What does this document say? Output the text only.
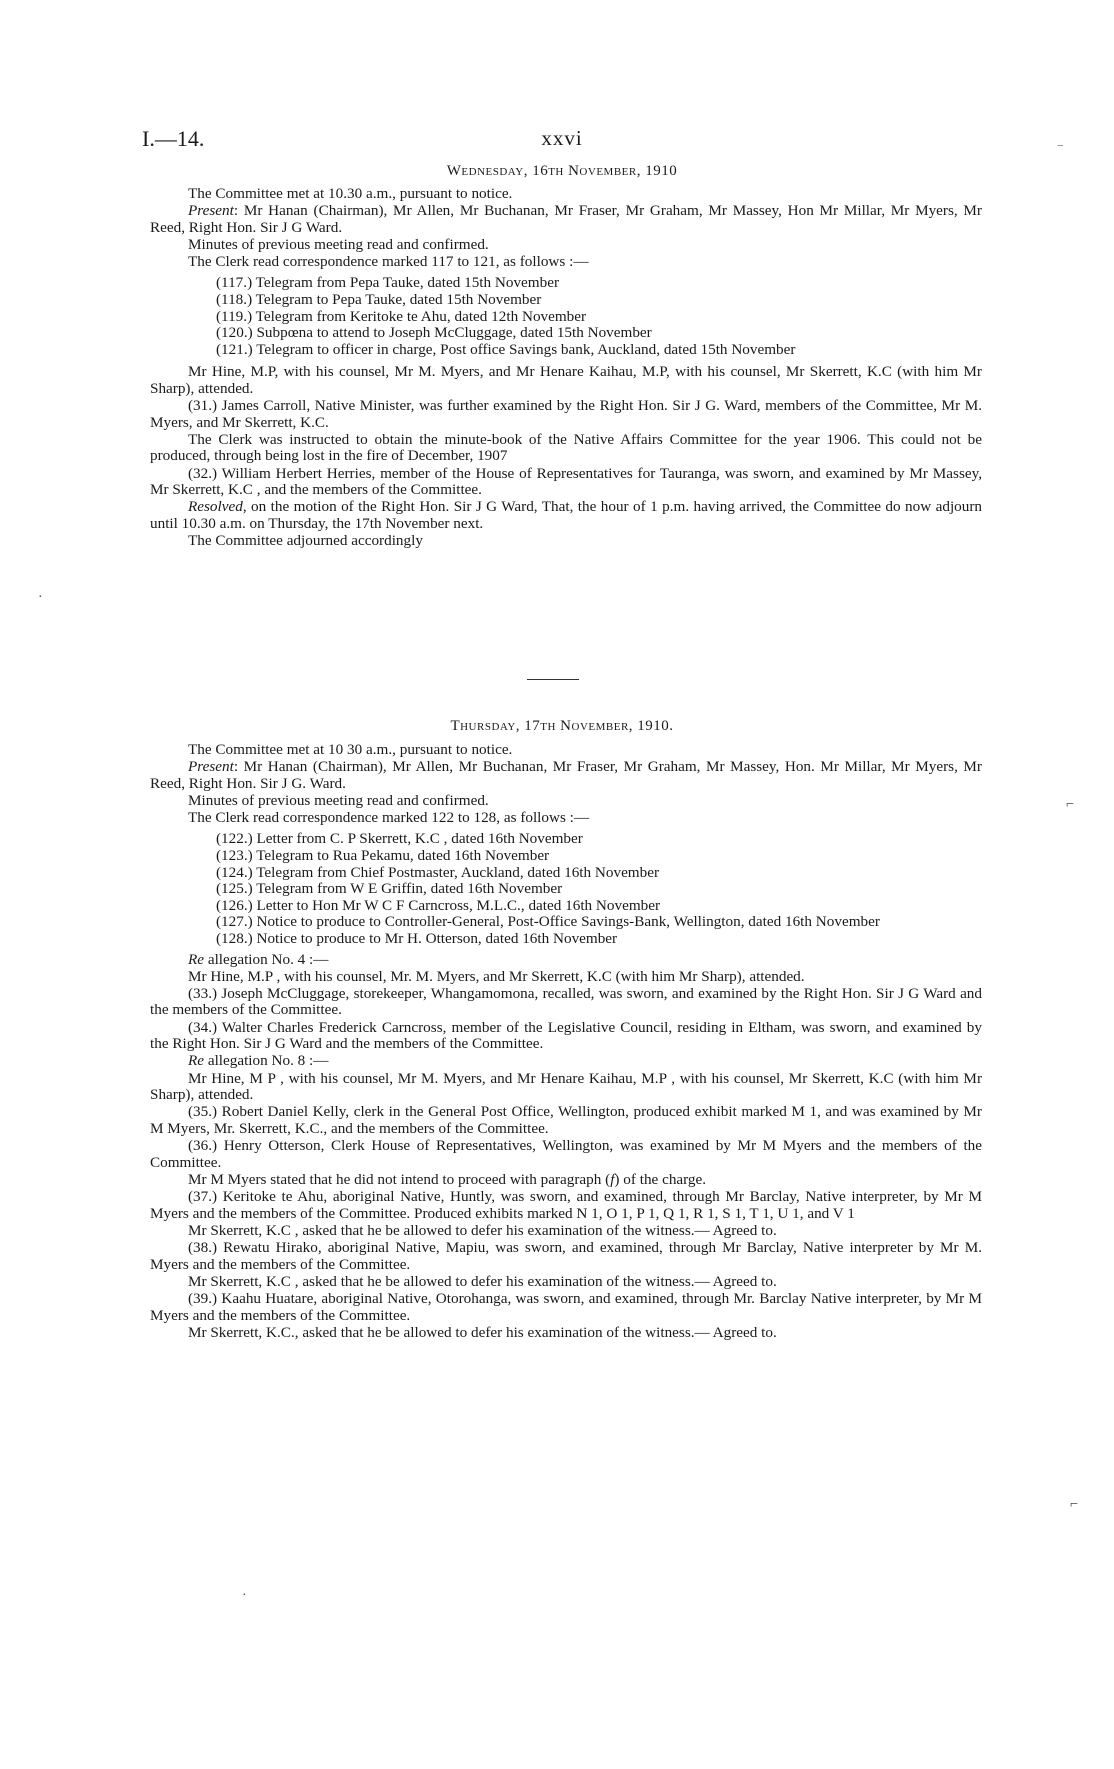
I.—14.	xxvi
Wednesday, 16th November, 1910

The Committee met at 10.30 a.m., pursuant to notice.

Present: Mr Hanan (Chairman), Mr Allen, Mr Buchanan, Mr Fraser, Mr Graham, Mr Massey, Hon Mr Millar, Mr Myers, Mr Reed, Right Hon. Sir J G Ward.

Minutes of previous meeting read and confirmed.

The Clerk read correspondence marked 117 to 121, as follows :—

(117.) Telegram from Pepa Tauke, dated 15th November
(118.) Telegram to Pepa Tauke, dated 15th November
(119.) Telegram from Keritoke te Ahu, dated 12th November
(120.) Subpœna to attend to Joseph McCluggage, dated 15th November
(121.) Telegram to officer in charge, Post office Savings bank, Auckland, dated 15th November

Mr Hine, M.P, with his counsel, Mr M. Myers, and Mr Henare Kaihau, M.P, with his counsel, Mr Skerrett, K.C (with him Mr Sharp), attended.

(31.) James Carroll, Native Minister, was further examined by the Right Hon. Sir J G. Ward, members of the Committee, Mr M. Myers, and Mr Skerrett, K.C.

The Clerk was instructed to obtain the minute-book of the Native Affairs Committee for the year 1906. This could not be produced, through being lost in the fire of December, 1907

(32.) William Herbert Herries, member of the House of Representatives for Tauranga, was sworn, and examined by Mr Massey, Mr Skerrett, K.C , and the members of the Committee.

Resolved, on the motion of the Right Hon. Sir J G Ward, That, the hour of 1 p.m. having arrived, the Committee do now adjourn until 10.30 a.m. on Thursday, the 17th November next.

The Committee adjourned accordingly

Thursday, 17th November, 1910.

The Committee met at 10 30 a.m., pursuant to notice.

Present: Mr Hanan (Chairman), Mr Allen, Mr Buchanan, Mr Fraser, Mr Graham, Mr Massey, Hon. Mr Millar, Mr Myers, Mr Reed, Right Hon. Sir J G. Ward.

Minutes of previous meeting read and confirmed.

The Clerk read correspondence marked 122 to 128, as follows :—

(122.) Letter from C. P Skerrett, K.C , dated 16th November
(123.) Telegram to Rua Pekamu, dated 16th November
(124.) Telegram from Chief Postmaster, Auckland, dated 16th November
(125.) Telegram from W E Griffin, dated 16th November
(126.) Letter to Hon Mr W C F Carncross, M.L.C., dated 16th November
(127.) Notice to produce to Controller-General, Post-Office Savings-Bank, Wellington, dated 16th November
(128.) Notice to produce to Mr H. Otterson, dated 16th November

Re allegation No. 4 :—

Mr Hine, M.P , with his counsel, Mr. M. Myers, and Mr Skerrett, K.C (with him Mr Sharp), attended.

(33.) Joseph McCluggage, storekeeper, Whangamomona, recalled, was sworn, and examined by the Right Hon. Sir J G Ward and the members of the Committee.

(34.) Walter Charles Frederick Carncross, member of the Legislative Council, residing in Eltham, was sworn, and examined by the Right Hon. Sir J G Ward and the members of the Committee.

Re allegation No. 8 :—

Mr Hine, M P , with his counsel, Mr M. Myers, and Mr Henare Kaihau, M.P , with his counsel, Mr Skerrett, K.C (with him Mr Sharp), attended.

(35.) Robert Daniel Kelly, clerk in the General Post Office, Wellington, produced exhibit marked M 1, and was examined by Mr M Myers, Mr. Skerrett, K.C., and the members of the Committee.

(36.) Henry Otterson, Clerk House of Representatives, Wellington, was examined by Mr M Myers and the members of the Committee.

Mr M Myers stated that he did not intend to proceed with paragraph (f) of the charge.

(37.) Keritoke te Ahu, aboriginal Native, Huntly, was sworn, and examined, through Mr Barclay, Native interpreter, by Mr M Myers and the members of the Committee. Produced exhibits marked N 1, O 1, P 1, Q 1, R 1, S 1, T 1, U 1, and V 1

Mr Skerrett, K.C , asked that he be allowed to defer his examination of the witness.— Agreed to.

(38.) Rewatu Hirako, aboriginal Native, Mapiu, was sworn, and examined, through Mr Barclay, Native interpreter by Mr M. Myers and the members of the Committee.

Mr Skerrett, K.C , asked that he be allowed to defer his examination of the witness.— Agreed to.

(39.) Kaahu Huatare, aboriginal Native, Otorohanga, was sworn, and examined, through Mr. Barclay Native interpreter, by Mr M Myers and the members of the Committee.

Mr Skerrett, K.C., asked that he be allowed to defer his examination of the witness.— Agreed to.

‾
·
⌐
⌐
·
